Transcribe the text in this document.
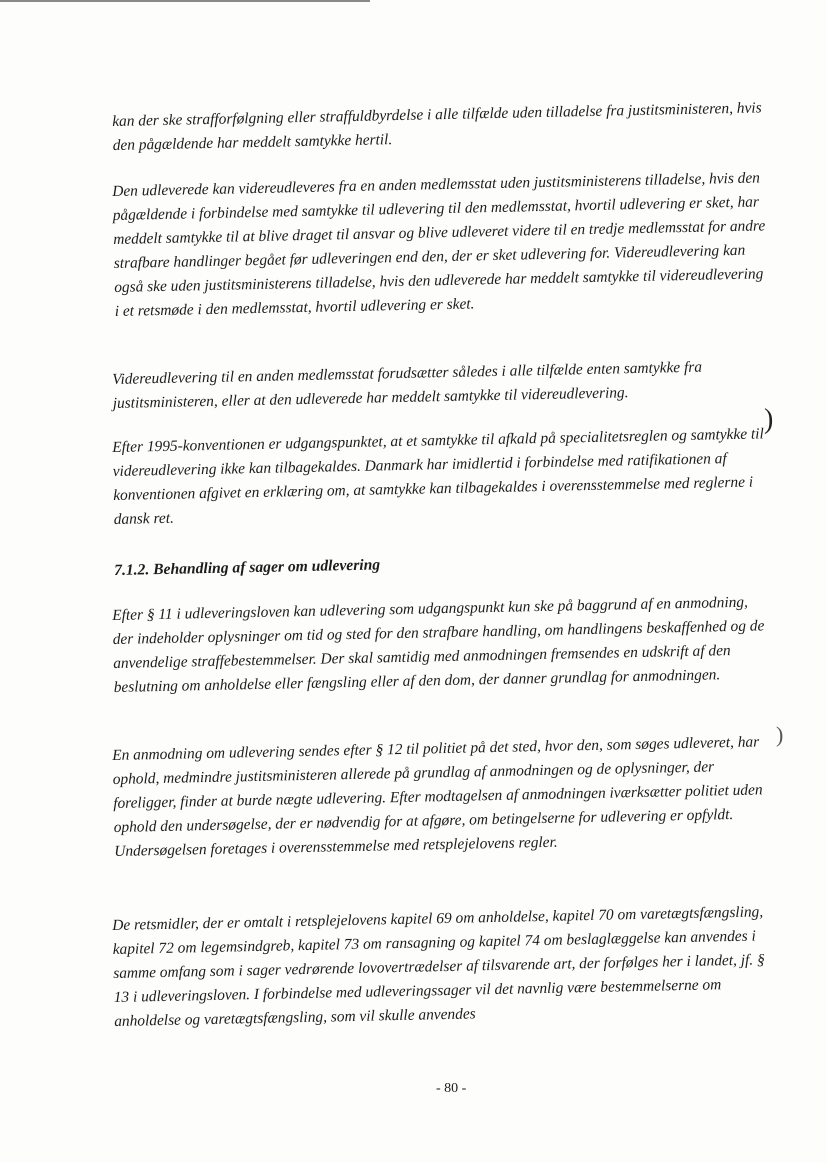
kan der ske strafforfølgning eller straffuldbyrdelse i alle tilfælde uden tilladelse fra justitsministeren, hvis den pågældende har meddelt samtykke hertil.

Den udleverede kan videreudleveres fra en anden medlemsstat uden justitsministerens tilladelse, hvis den pågældende i forbindelse med samtykke til udlevering til den medlemsstat, hvortil udlevering er sket, har meddelt samtykke til at blive draget til ansvar og blive udleveret videre til en tredje medlemsstat for andre strafbare handlinger begået før udleveringen end den, der er sket udlevering for. Videreudlevering kan også ske uden justitsministerens tilladelse, hvis den udleverede har meddelt samtykke til videreudlevering i et retsmøde i den medlemsstat, hvortil udlevering er sket.

Videreudlevering til en anden medlemsstat forudsætter således i alle tilfælde enten samtykke fra justitsministeren, eller at den udleverede har meddelt samtykke til videreudlevering.

Efter 1995-konventionen er udgangspunktet, at et samtykke til afkald på specialitetsreglen og samtykke til videreudlevering ikke kan tilbagekaldes. Danmark har imidlertid i forbindelse med ratifikationen af konventionen afgivet en erklæring om, at samtykke kan tilbagekaldes i overensstemmelse med reglerne i dansk ret.

7.1.2. Behandling af sager om udlevering

Efter § 11 i udleveringsloven kan udlevering som udgangspunkt kun ske på baggrund af en anmodning, der indeholder oplysninger om tid og sted for den strafbare handling, om handlingens beskaffenhed og de anvendelige straffebestemmelser. Der skal samtidig med anmodningen fremsendes en udskrift af den beslutning om anholdelse eller fængsling eller af den dom, der danner grundlag for anmodningen.

En anmodning om udlevering sendes efter § 12 til politiet på det sted, hvor den, som søges udleveret, har ophold, medmindre justitsministeren allerede på grundlag af anmodningen og de oplysninger, der foreligger, finder at burde nægte udlevering. Efter modtagelsen af anmodningen iværksætter politiet uden ophold den undersøgelse, der er nødvendig for at afgøre, om betingelserne for udlevering er opfyldt. Undersøgelsen foretages i overensstemmelse med retsplejelovens regler.

De retsmidler, der er omtalt i retsplejelovens kapitel 69 om anholdelse, kapitel 70 om varetægtsfængsling, kapitel 72 om legemsindgreb, kapitel 73 om ransagning og kapitel 74 om beslaglæggelse kan anvendes i samme omfang som i sager vedrørende lovovertrædelser af tilsvarende art, der forfølges her i landet, jf. § 13 i udleveringsloven. I forbindelse med udleveringssager vil det navnlig være bestemmelserne om anholdelse og varetægtsfængsling, som vil skulle anvendes

- 80 -
)
)
